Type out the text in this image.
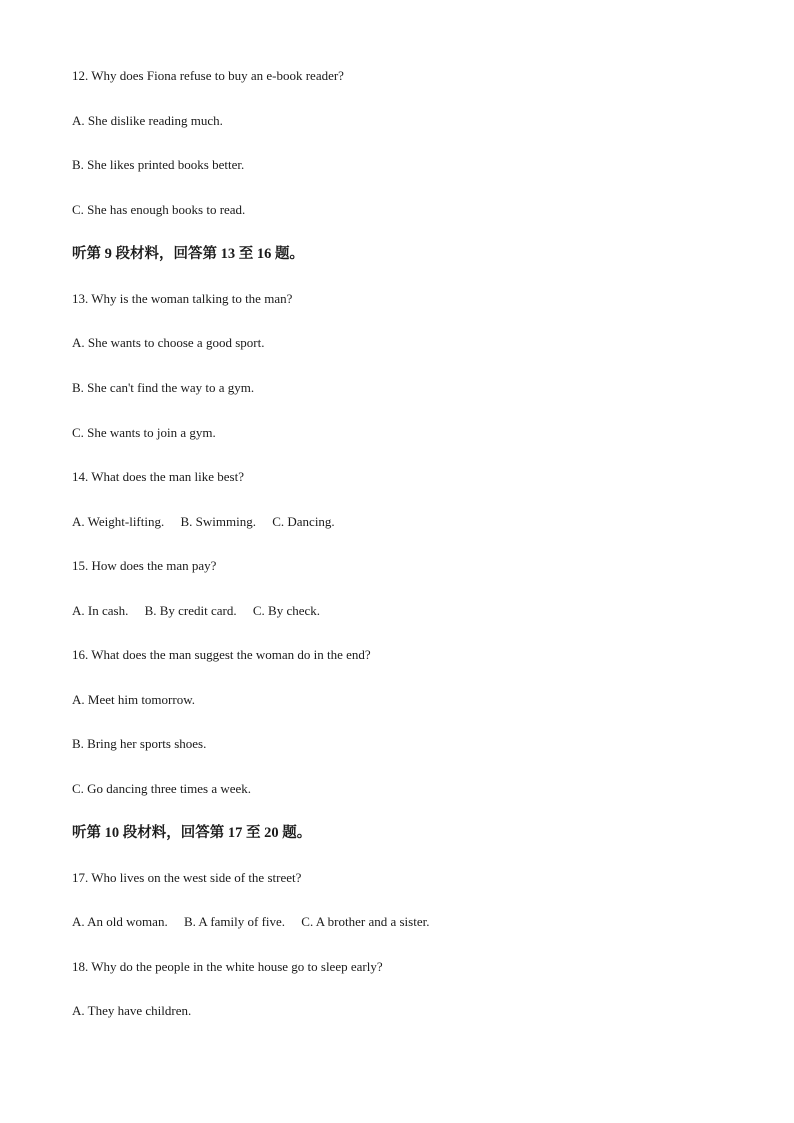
12. Why does Fiona refuse to buy an e-book reader?
A. She dislike reading much.
B. She likes printed books better.
C. She has enough books to read.
听第 9 段材料，回答第 13 至 16 题。
13. Why is the woman talking to the man?
A. She wants to choose a good sport.
B. She can't find the way to a gym.
C. She wants to join a gym.
14. What does the man like best?
A. Weight-lifting.     B. Swimming.     C. Dancing.
15. How does the man pay?
A. In cash.     B. By credit card.     C. By check.
16. What does the man suggest the woman do in the end?
A. Meet him tomorrow.
B. Bring her sports shoes.
C. Go dancing three times a week.
听第 10 段材料，回答第 17 至 20 题。
17. Who lives on the west side of the street?
A. An old woman.     B. A family of five.     C. A brother and a sister.
18. Why do the people in the white house go to sleep early?
A. They have children.
